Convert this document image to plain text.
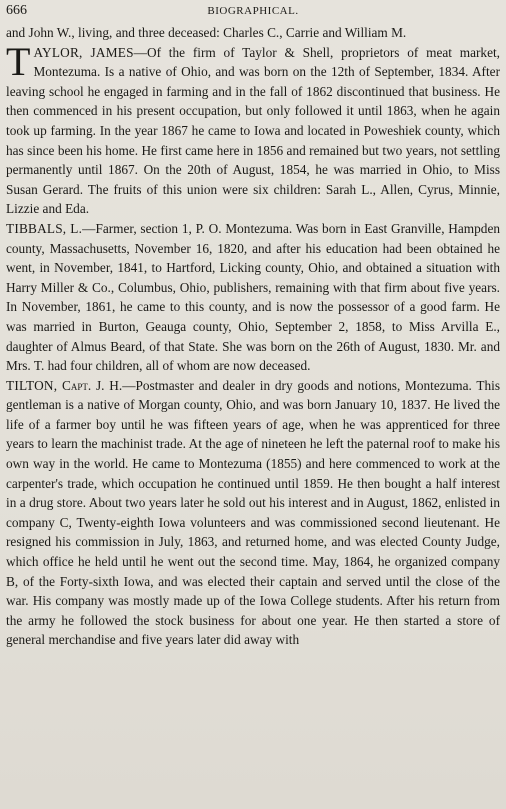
666	BIOGRAPHICAL.

and John W., living, and three deceased: Charles C., Carrie and William M.

TAYLOR, JAMES—Of the firm of Taylor & Shell, proprietors of meat market, Montezuma. Is a native of Ohio, and was born on the 12th of September, 1834. After leaving school he engaged in farming and in the fall of 1862 discontinued that business. He then commenced in his present occupation, but only followed it until 1863, when he again took up farming. In the year 1867 he came to Iowa and located in Poweshiek county, which has since been his home. He first came here in 1856 and remained but two years, not settling permanently until 1867. On the 20th of August, 1854, he was married in Ohio, to Miss Susan Gerard. The fruits of this union were six children: Sarah L., Allen, Cyrus, Minnie, Lizzie and Eda.

TIBBALS, L.—Farmer, section 1, P. O. Montezuma. Was born in East Granville, Hampden county, Massachusetts, November 16, 1820, and after his education had been obtained he went, in November, 1841, to Hartford, Licking county, Ohio, and obtained a situation with Harry Miller & Co., Columbus, Ohio, publishers, remaining with that firm about five years. In November, 1861, he came to this county, and is now the possessor of a good farm. He was married in Burton, Geauga county, Ohio, September 2, 1858, to Miss Arvilla E., daughter of Almus Beard, of that State. She was born on the 26th of August, 1830. Mr. and Mrs. T. had four children, all of whom are now deceased.

TILTON, Capt. J. H.—Postmaster and dealer in dry goods and notions, Montezuma. This gentleman is a native of Morgan county, Ohio, and was born January 10, 1837. He lived the life of a farmer boy until he was fifteen years of age, when he was apprenticed for three years to learn the machinist trade. At the age of nineteen he left the paternal roof to make his own way in the world. He came to Montezuma (1855) and here commenced to work at the carpenter's trade, which occupation he continued until 1859. He then bought a half interest in a drug store. About two years later he sold out his interest and in August, 1862, enlisted in company C, Twenty-eighth Iowa volunteers and was commissioned second lieutenant. He resigned his commission in July, 1863, and returned home, and was elected County Judge, which office he held until he went out the second time. May, 1864, he organized company B, of the Forty-sixth Iowa, and was elected their captain and served until the close of the war. His company was mostly made up of the Iowa College students. After his return from the army he followed the stock business for about one year. He then started a store of general merchandise and five years later did away with
